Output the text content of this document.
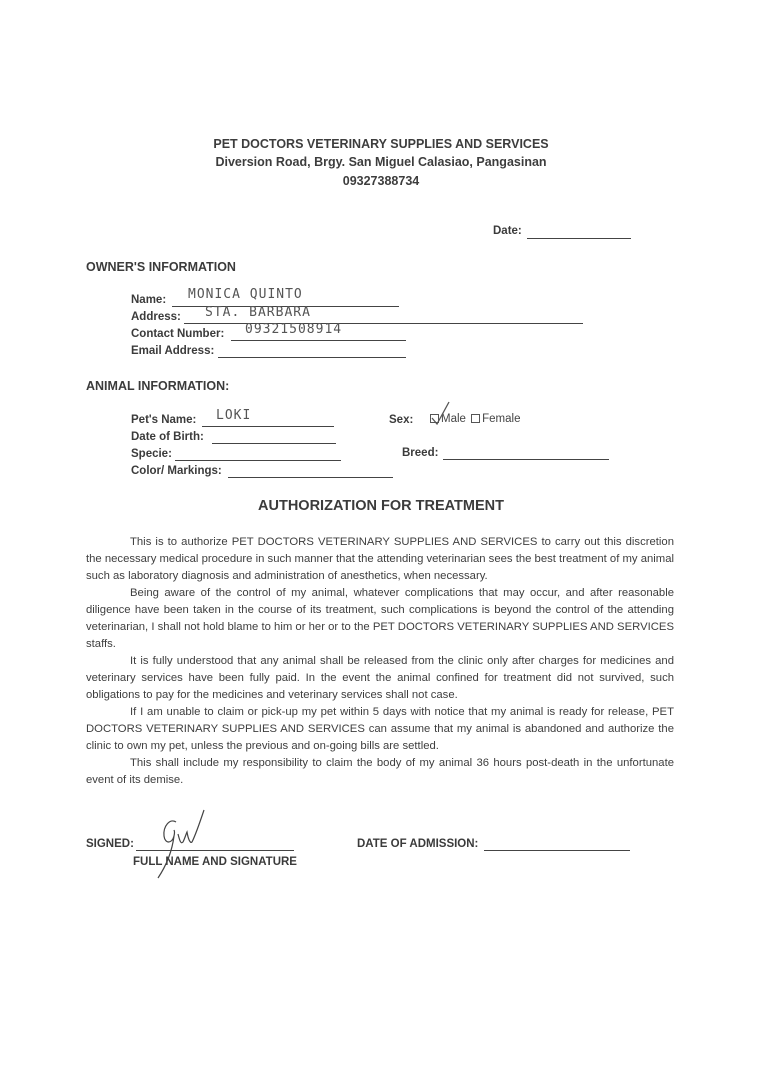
PET DOCTORS VETERINARY SUPPLIES AND SERVICES
Diversion Road, Brgy. San Miguel Calasiao, Pangasinan
09327388734
Date:
OWNER'S INFORMATION
Name: MONICA QUINTO
Address: STA. BARBARA
Contact Number: 09321508914
Email Address:
ANIMAL INFORMATION:
Pet's Name: LOKI
Date of Birth:
Specie:
Color/ Markings:
Sex:	Male Female
Breed:
AUTHORIZATION FOR TREATMENT

This is to authorize PET DOCTORS VETERINARY SUPPLIES AND SERVICES to carry out this discretion the necessary medical procedure in such manner that the attending veterinarian sees the best treatment of my animal such as laboratory diagnosis and administration of anesthetics, when necessary.

Being aware of the control of my animal, whatever complications that may occur, and after reasonable diligence have been taken in the course of its treatment, such complications is beyond the control of the attending veterinarian, I shall not hold blame to him or her or to the PET DOCTORS VETERINARY SUPPLIES AND SERVICES staffs.

It is fully understood that any animal shall be released from the clinic only after charges for medicines and veterinary services have been fully paid. In the event the animal confined for treatment did not survived, such obligations to pay for the medicines and veterinary services shall not case.

If I am unable to claim or pick-up my pet within 5 days with notice that my animal is ready for release, PET DOCTORS VETERINARY SUPPLIES AND SERVICES can assume that my animal is abandoned and authorize the clinic to own my pet, unless the previous and on-going bills are settled.

This shall include my responsibility to claim the body of my animal 36 hours post-death in the unfortunate event of its demise.

SIGNED:
FULL NAME AND SIGNATURE
DATE OF ADMISSION:
